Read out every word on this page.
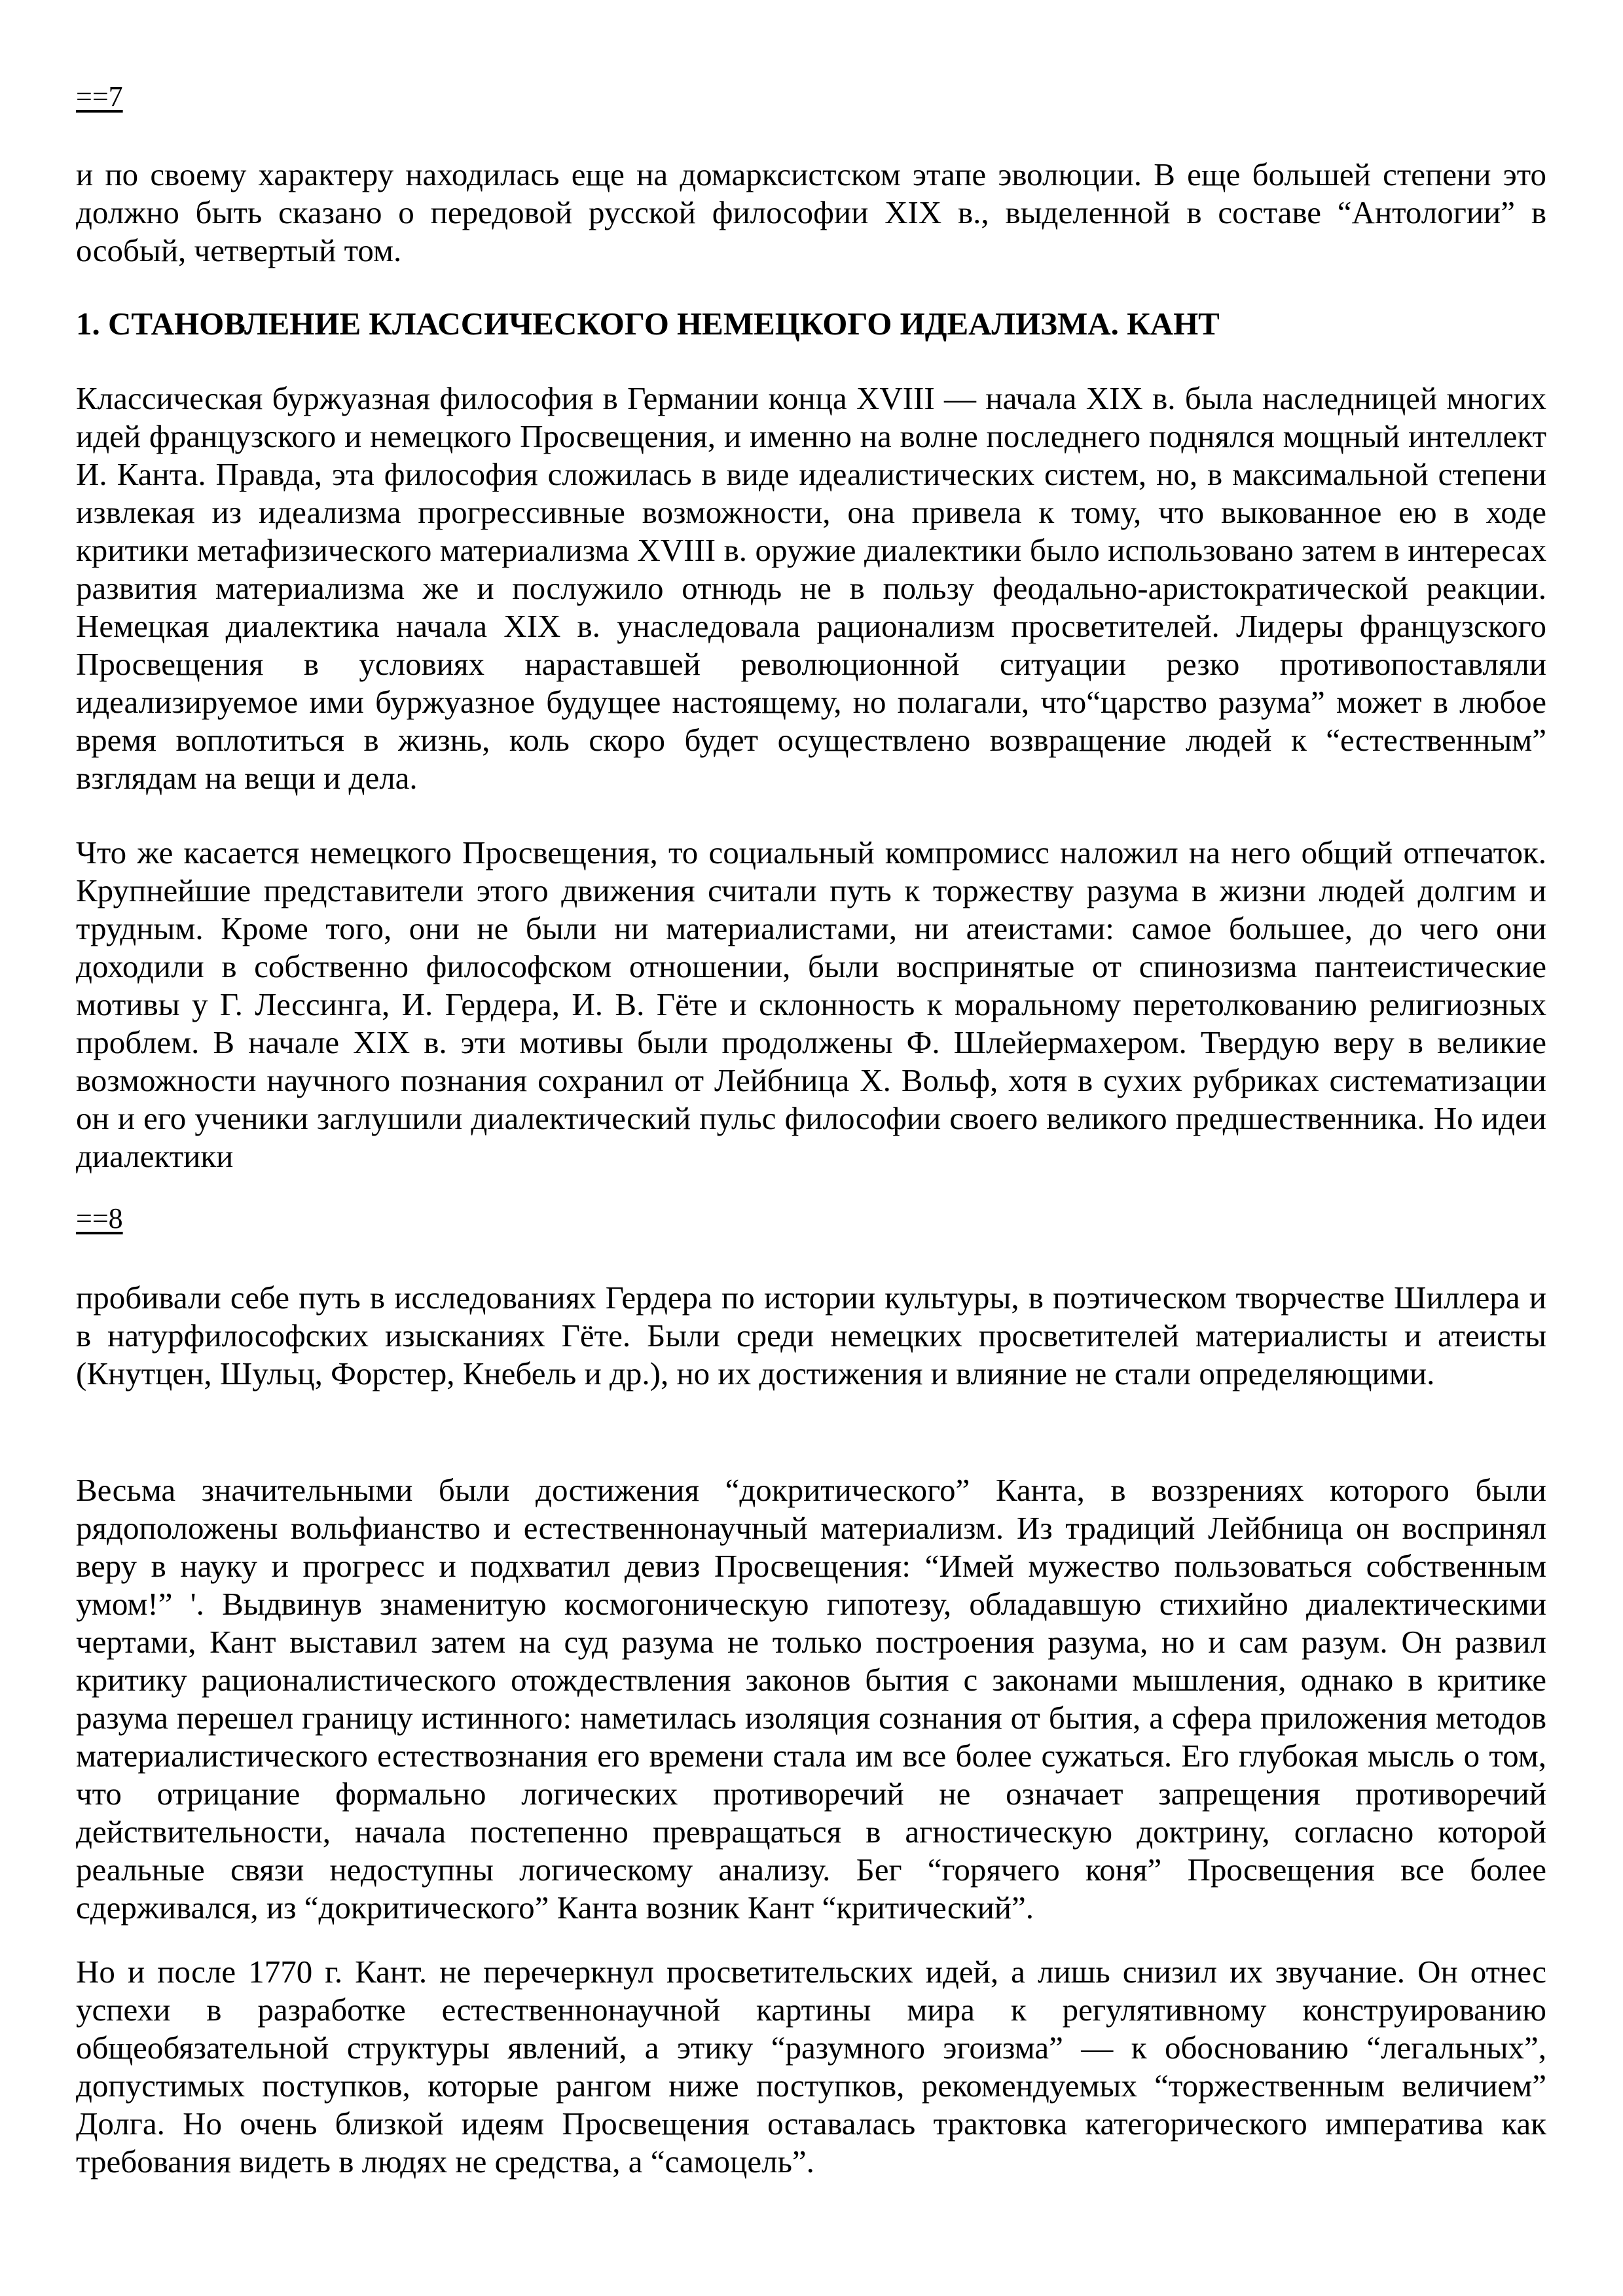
==7

и по своему характеру находилась еще на домарксистском этапе эволюции. В еще большей степени это должно быть сказано о передовой русской философии XIX в., выделенной в составе “Антологии” в особый, четвертый том.

1. СТАНОВЛЕНИЕ КЛАССИЧЕСКОГО НЕМЕЦКОГО ИДЕАЛИЗМА. КАНТ

Классическая буржуазная философия в Германии конца XVIII — начала XIX в. была наследницей многих идей французского и немецкого Просвещения, и именно на волне последнего поднялся мощный интеллект И. Канта. Правда, эта философия сложилась в виде идеалистических систем, но, в максимальной степени извлекая из идеализма прогрессивные возможности, она привела к тому, что выкованное ею в ходе критики метафизического материализма XVIII в. оружие диалектики было использовано затем в интересах развития материализма же и послужило отнюдь не в пользу феодально-аристократической реакции. Немецкая диалектика начала XIX в. унаследовала рационализм просветителей. Лидеры французского Просвещения в условиях нараставшей революционной ситуации резко противопоставляли идеализируемое ими буржуазное будущее настоящему, но полагали, что“царство разума” может в любое время воплотиться в жизнь, коль скоро будет осуществлено возвращение людей к “естественным” взглядам на вещи и дела.

Что же касается немецкого Просвещения, то социальный компромисс наложил на него общий отпечаток. Крупнейшие представители этого движения считали путь к торжеству разума в жизни людей долгим и трудным. Кроме того, они не были ни материалистами, ни атеистами: самое большее, до чего они доходили в собственно философском отношении, были воспринятые от спинозизма пантеистические мотивы у Г. Лессинга, И. Гердера, И. В. Гёте и склонность к моральному перетолкованию религиозных проблем. В начале XIX в. эти мотивы были продолжены Ф. Шлейермахером. Твердую веру в великие возможности научного познания сохранил от Лейбница Х. Вольф, хотя в сухих рубриках систематизации он и его ученики заглушили диалектический пульс философии своего великого предшественника. Но идеи диалектики

==8

пробивали себе путь в исследованиях Гердера по истории культуры, в поэтическом творчестве Шиллера и в натурфилософских изысканиях Гёте. Были среди немецких просветителей материалисты и атеисты (Кнутцен, Шульц, Форстер, Кнебель и др.), но их достижения и влияние не стали определяющими.

Весьма значительными были достижения “докритического” Канта, в воззрениях которого были рядоположены вольфианство и естественнонаучный материализм. Из традиций Лейбница он воспринял веру в науку и прогресс и подхватил девиз Просвещения: “Имей мужество пользоваться собственным умом!” '. Выдвинув знаменитую космогоническую гипотезу, обладавшую стихийно диалектическими чертами, Кант выставил затем на суд разума не только построения разума, но и сам разум. Он развил критику рационалистического отождествления законов бытия с законами мышления, однако в критике разума перешел границу истинного: наметилась изоляция сознания от бытия, а сфера приложения методов материалистического естествознания его времени стала им все более сужаться. Его глубокая мысль о том, что отрицание формально логических противоречий не означает запрещения противоречий действительности, начала постепенно превращаться в агностическую доктрину, согласно которой реальные связи недоступны логическому анализу. Бег “горячего коня” Просвещения все более сдерживался, из “докритического” Канта возник Кант “критический”.

Но и после 1770 г. Кант. не перечеркнул просветительских идей, а лишь снизил их звучание. Он отнес успехи в разработке естественнонаучной картины мира к регулятивному конструированию общеобязательной структуры явлений, а этику “разумного эгоизма” — к обоснованию “легальных”, допустимых поступков, которые рангом ниже поступков, рекомендуемых “торжественным величием” Долга. Но очень близкой идеям Просвещения оставалась трактовка категорического императива как требования видеть в людях не средства, а “самоцель”.
